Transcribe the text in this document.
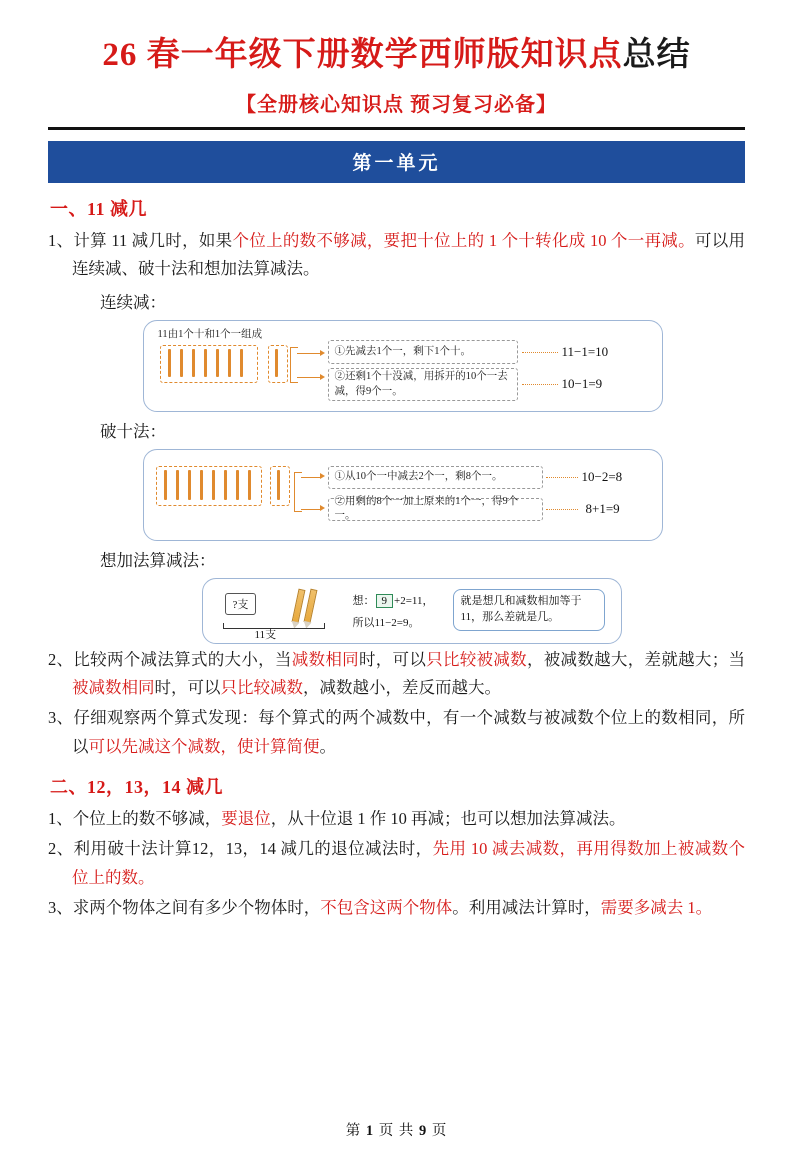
26 春一年级下册数学西师版知识点总结
【全册核心知识点 预习复习必备】
第一单元
一、11 减几
1、计算 11 减几时，如果个位上的数不够减，要把十位上的 1 个十转化成 10 个一再减。可以用连续减、破十法和想加法算减法。
连续减：
11由1个十和1个一组成
①先减去1个一，剩下1个十。
②还剩1个十没减，用拆开的10个一去减，得9个一。
11−1=10
10−1=9
破十法：
①从10个一中减去2个一，剩8个一。
②用剩的8个一加上原来的1个一，得9个一。
10−2=8
8+1=9
想加法算减法：
?支
11支
想： 9 +2=11，
所以11−2=9。
就是想几和减数相加等于11，那么差就是几。
2、比较两个减法算式的大小，当减数相同时，可以只比较被减数，被减数越大，差就越大；当被减数相同时，可以只比较减数，减数越小，差反而越大。
3、仔细观察两个算式发现：每个算式的两个减数中，有一个减数与被减数个位上的数相同，所以可以先减这个减数，使计算简便。
二、12，13，14 减几
1、个位上的数不够减，要退位，从十位退 1 作 10 再减；也可以想加法算减法。
2、利用破十法计算12，13，14 减几的退位减法时，先用 10 减去减数，再用得数加上被减数个位上的数。
3、求两个物体之间有多少个物体时，不包含这两个物体。利用减法计算时，需要多减去 1。
第 1 页 共 9 页
